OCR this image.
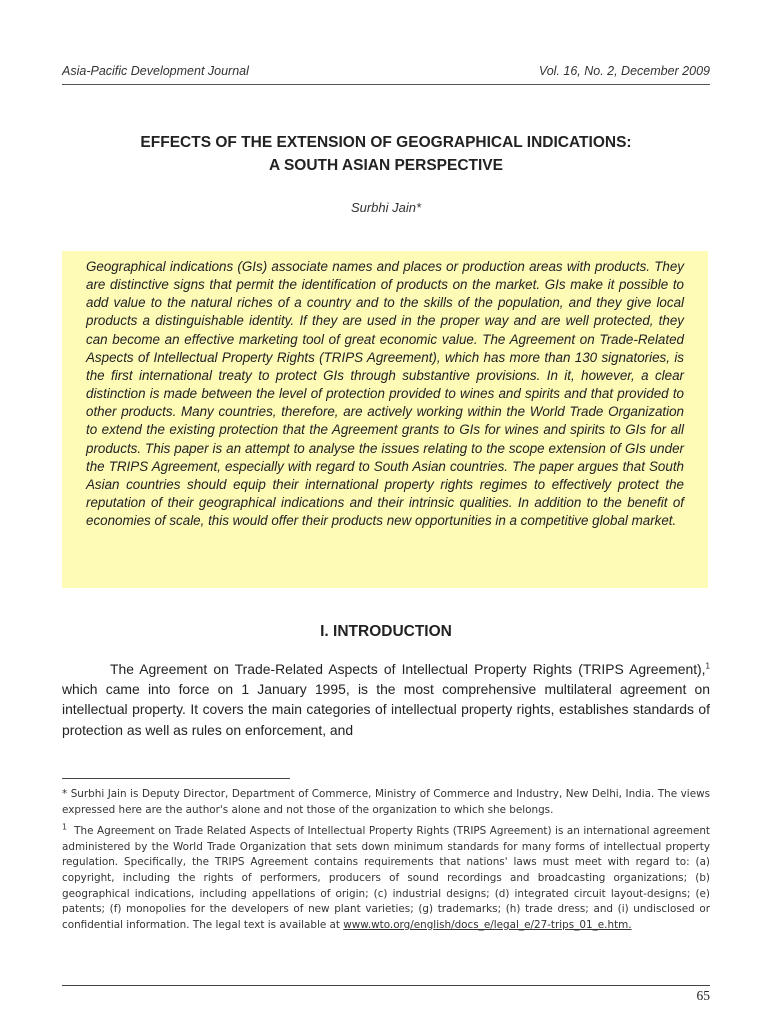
Asia-Pacific Development Journal	Vol. 16, No. 2, December 2009
EFFECTS OF THE EXTENSION OF GEOGRAPHICAL INDICATIONS:
A SOUTH ASIAN PERSPECTIVE
Surbhi Jain*

Geographical indications (GIs) associate names and places or production areas with products. They are distinctive signs that permit the identification of products on the market. GIs make it possible to add value to the natural riches of a country and to the skills of the population, and they give local products a distinguishable identity. If they are used in the proper way and are well protected, they can become an effective marketing tool of great economic value. The Agreement on Trade-Related Aspects of Intellectual Property Rights (TRIPS Agreement), which has more than 130 signatories, is the first international treaty to protect GIs through substantive provisions. In it, however, a clear distinction is made between the level of protection provided to wines and spirits and that provided to other products. Many countries, therefore, are actively working within the World Trade Organization to extend the existing protection that the Agreement grants to GIs for wines and spirits to GIs for all products. This paper is an attempt to analyse the issues relating to the scope extension of GIs under the TRIPS Agreement, especially with regard to South Asian countries. The paper argues that South Asian countries should equip their international property rights regimes to effectively protect the reputation of their geographical indications and their intrinsic qualities. In addition to the benefit of economies of scale, this would offer their products new opportunities in a competitive global market.

I. INTRODUCTION

The Agreement on Trade-Related Aspects of Intellectual Property Rights (TRIPS Agreement),$^1$ which came into force on 1 January 1995, is the most comprehensive multilateral agreement on intellectual property. It covers the main categories of intellectual property rights, establishes standards of protection as well as rules on enforcement, and

* Surbhi Jain is Deputy Director, Department of Commerce, Ministry of Commerce and Industry, New Delhi, India. The views expressed here are the author's alone and not those of the organization to which she belongs.

$^1$ The Agreement on Trade Related Aspects of Intellectual Property Rights (TRIPS Agreement) is an international agreement administered by the World Trade Organization that sets down minimum standards for many forms of intellectual property regulation. Specifically, the TRIPS Agreement contains requirements that nations' laws must meet with regard to: (a) copyright, including the rights of performers, producers of sound recordings and broadcasting organizations; (b) geographical indications, including appellations of origin; (c) industrial designs; (d) integrated circuit layout-designs; (e) patents; (f) monopolies for the developers of new plant varieties; (g) trademarks; (h) trade dress; and (i) undisclosed or confidential information. The legal text is available at www.wto.org/english/docs_e/legal_e/27-trips_01_e.htm.

65
